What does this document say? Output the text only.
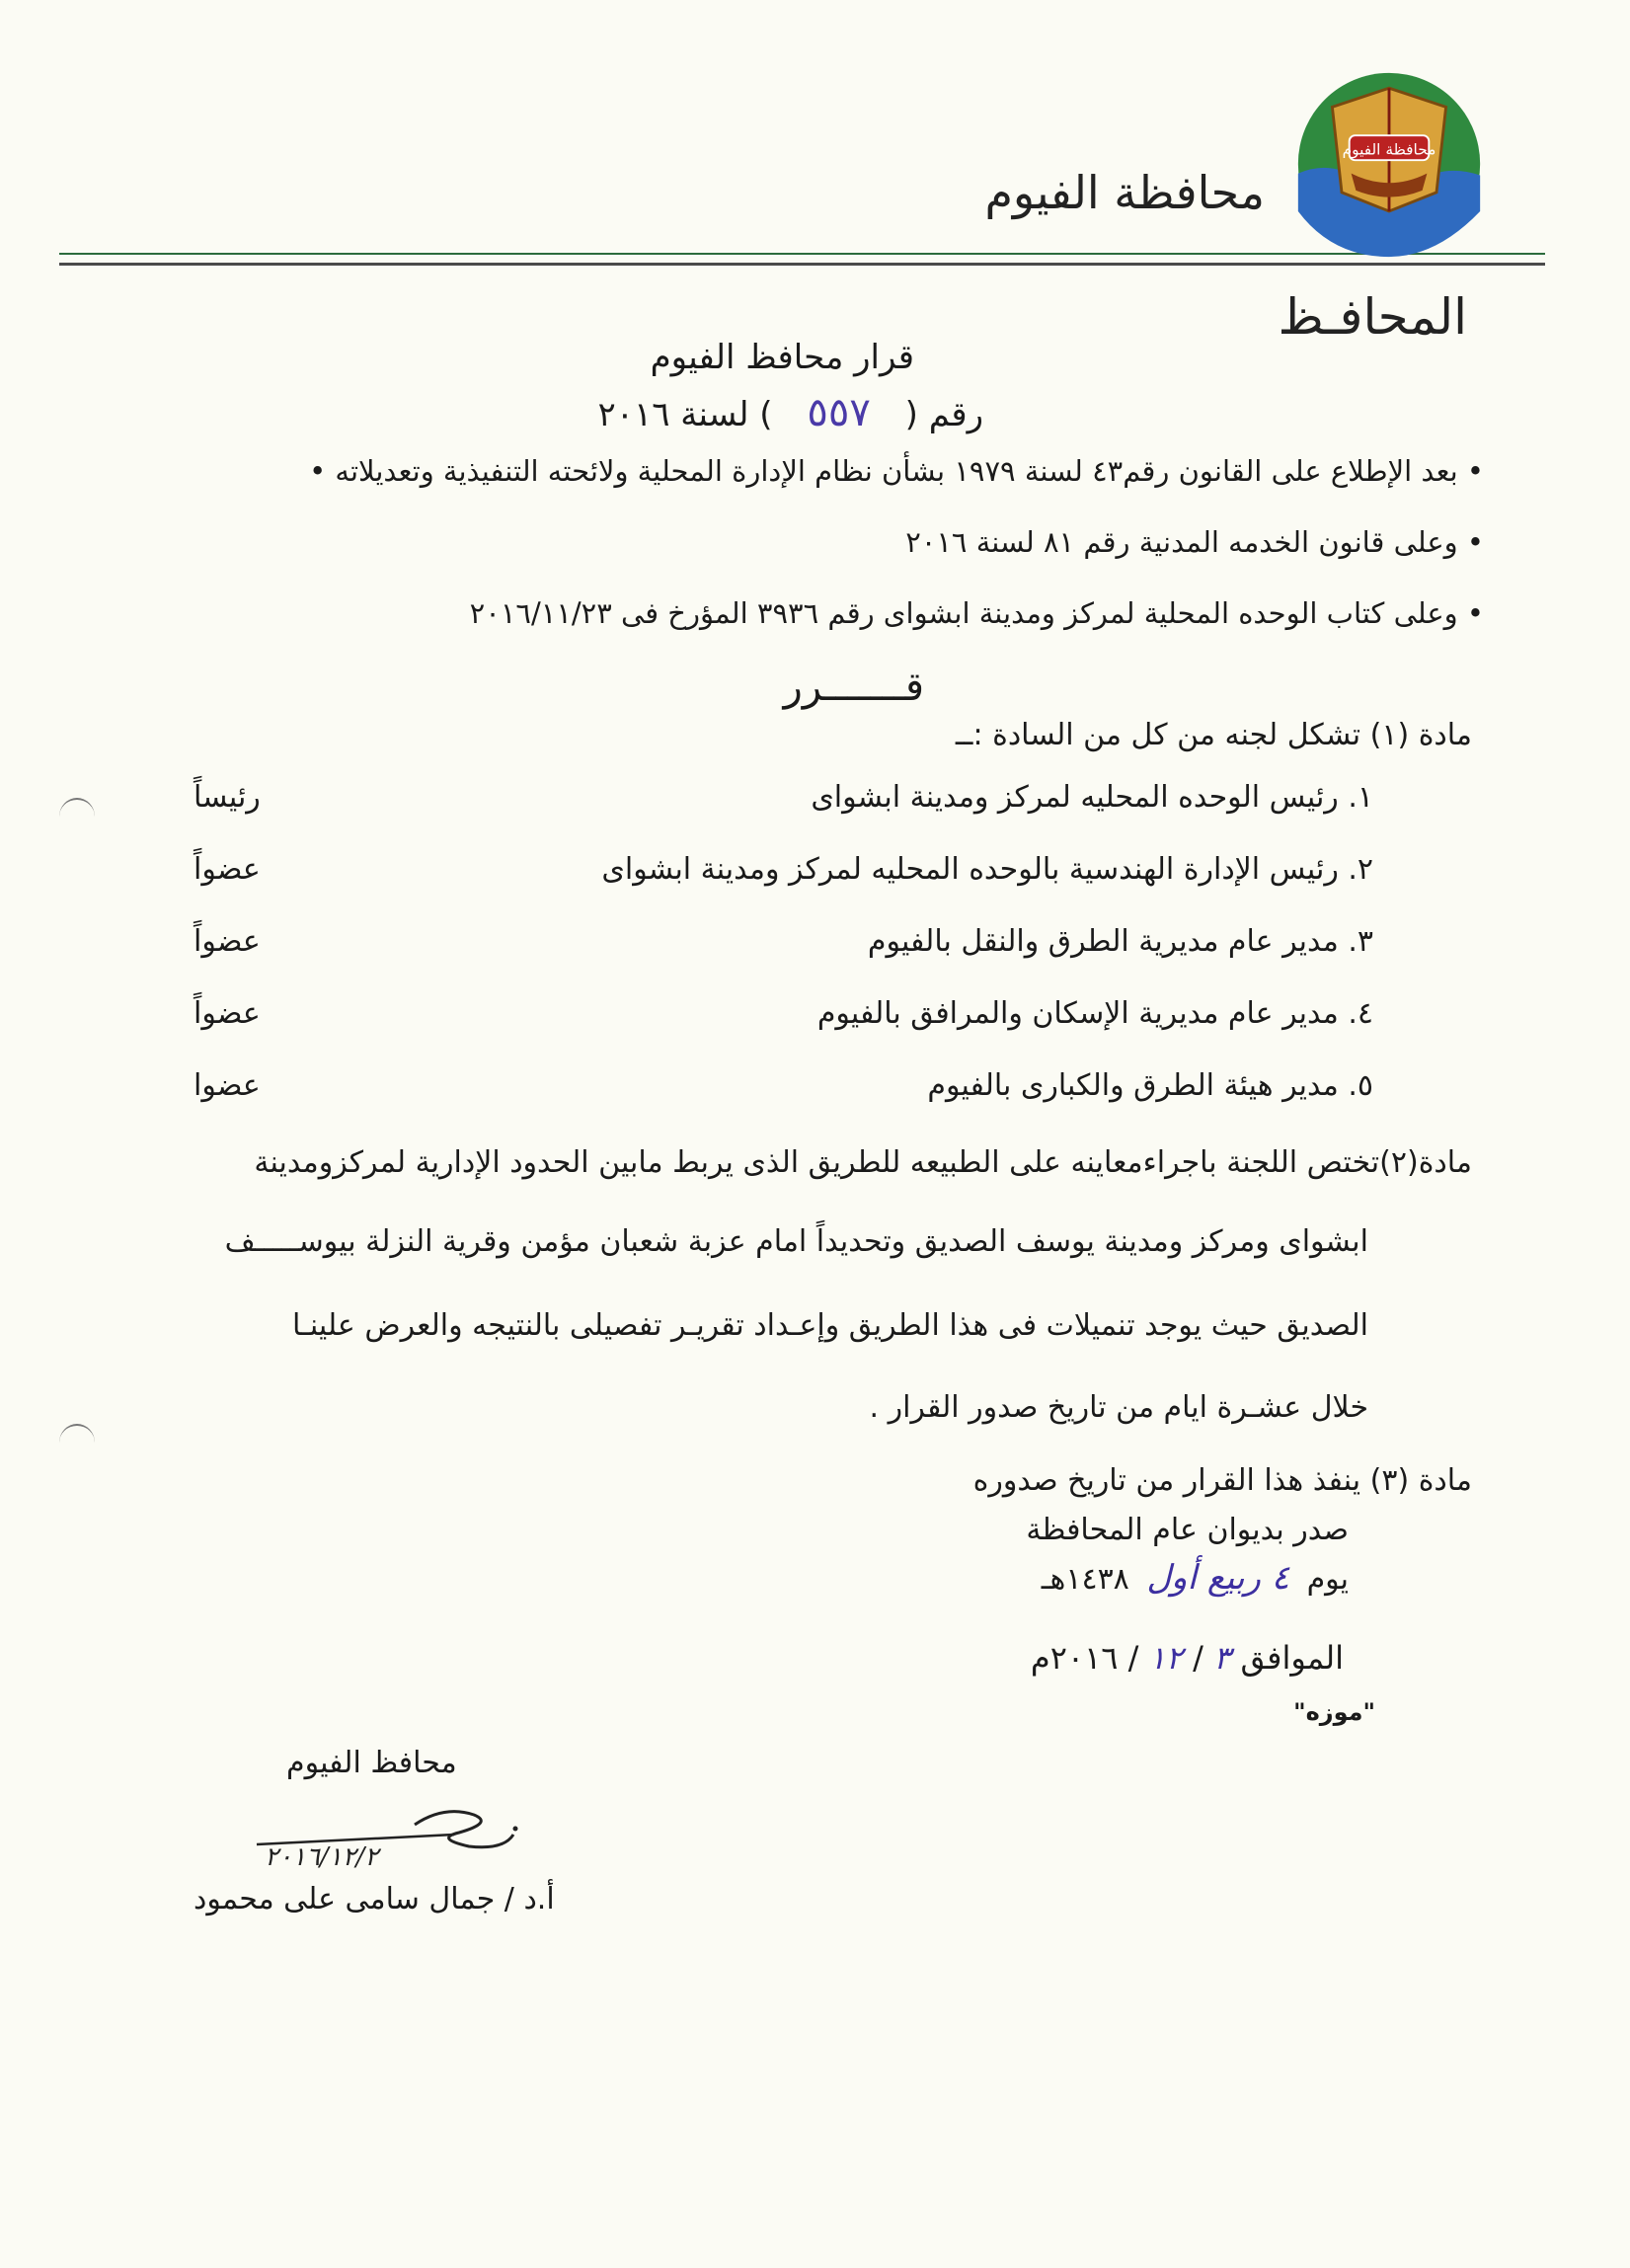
محافظة الفيوم
محافظة الفيوم
المحافـظ
قرار محافظ الفيوم
رقم ( ٥٥٧ ) لسنة ٢٠١٦
• بعد الإطلاع على القانون رقم٤٣ لسنة ١٩٧٩ بشأن نظام الإدارة المحلية ولائحته التنفيذية وتعديلاته •
• وعلى قانون الخدمه المدنية رقم ٨١ لسنة ٢٠١٦
• وعلى كتاب الوحده المحلية لمركز ومدينة ابشواى رقم ٣٩٣٦ المؤرخ فى ٢٠١٦/١١/٢٣
قـــــــرر
مادة (١) تشكل لجنه من كل من السادة :ــ
١. رئيس الوحده المحليه لمركز ومدينة ابشواى
رئيساً
٢. رئيس الإدارة الهندسية بالوحده المحليه لمركز ومدينة ابشواى
عضواً
٣. مدير عام مديرية الطرق والنقل بالفيوم
عضواً
٤. مدير عام مديرية الإسكان والمرافق بالفيوم
عضواً
٥. مدير هيئة الطرق والكبارى بالفيوم
عضوا
مادة(٢)تختص اللجنة باجراءمعاينه على الطبيعه للطريق الذى يربط مابين الحدود الإدارية لمركزومدينة
ابشواى ومركز ومدينة يوسف الصديق وتحديداً امام عزبة شعبان مؤمن وقرية النزلة بيوســـــف
الصديق حيث يوجد تنميلات فى هذا الطريق وإعـداد تقريـر تفصيلى بالنتيجه والعرض علينـا
خلال عشـرة ايام من تاريخ صدور القرار .
مادة (٣) ينفذ هذا القرار من تاريخ صدوره
صدر بديوان عام المحافظة
يوم ٤ ربيع أول ١٤٣٨هـ
الموافق ٣ / ١٢ / ٢٠١٦م
"موزه"
محافظ الفيوم
٢٠١٦/١٢/٢
أ.د / جمال سامى على محمود
